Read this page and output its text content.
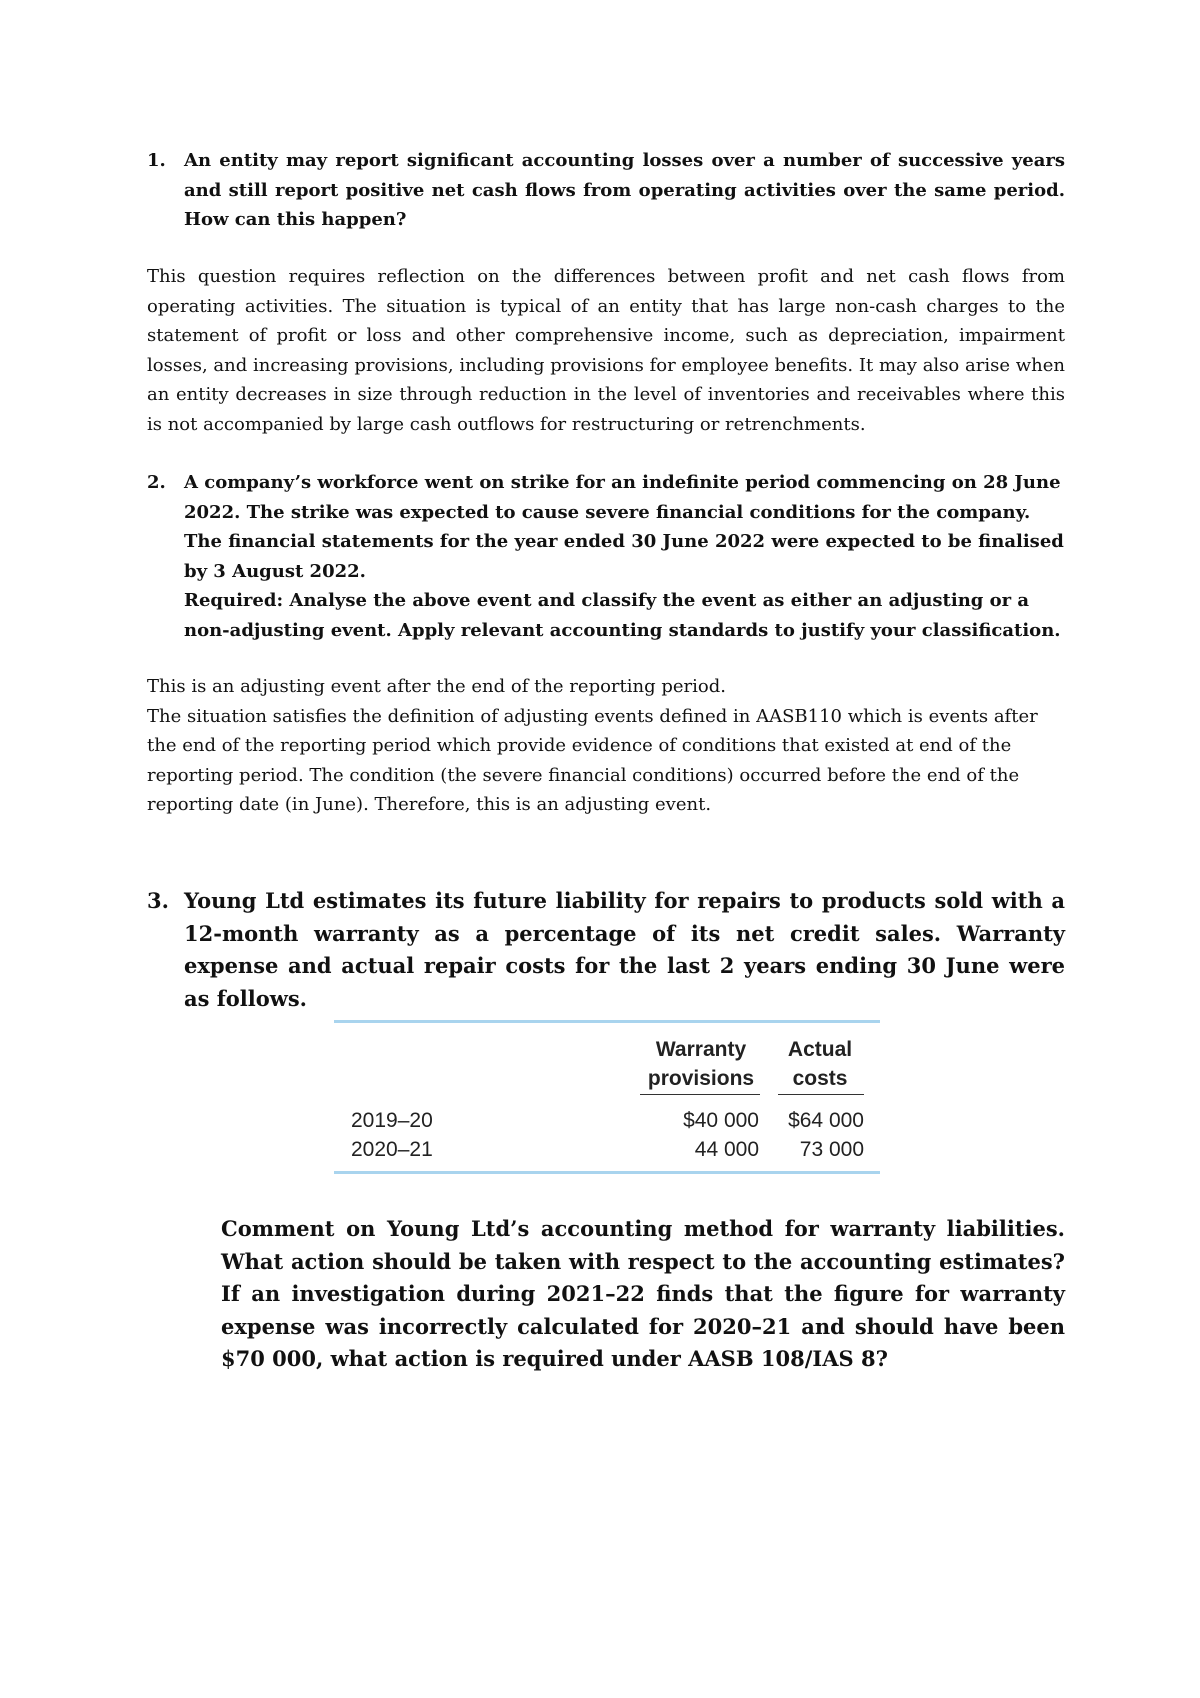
1. An entity may report significant accounting losses over a number of successive years and still report positive net cash flows from operating activities over the same period. How can this happen?

This question requires reflection on the differences between profit and net cash flows from operating activities. The situation is typical of an entity that has large non-cash charges to the statement of profit or loss and other comprehensive income, such as depreciation, impairment losses, and increasing provisions, including provisions for employee benefits. It may also arise when an entity decreases in size through reduction in the level of inventories and receivables where this is not accompanied by large cash outflows for restructuring or retrenchments.

2. A company’s workforce went on strike for an indefinite period commencing on 28 June 2022. The strike was expected to cause severe financial conditions for the company. The financial statements for the year ended 30 June 2022 were expected to be finalised by 3 August 2022.

Required: Analyse the above event and classify the event as either an adjusting or a non-adjusting event. Apply relevant accounting standards to justify your classification.

This is an adjusting event after the end of the reporting period.

The situation satisfies the definition of adjusting events defined in AASB110 which is events after the end of the reporting period which provide evidence of conditions that existed at end of the reporting period. The condition (the severe financial conditions) occurred before the end of the reporting date (in June). Therefore, this is an adjusting event.

3. Young Ltd estimates its future liability for repairs to products sold with a 12-month warranty as a percentage of its net credit sales. Warranty expense and actual repair costs for the last 2 years ending 30 June were as follows.
Warranty provisions
Actual costs
2019–20	$40 000	$64 000
2020–21	44 000	73 000
Comment on Young Ltd’s accounting method for warranty liabilities. What action should be taken with respect to the accounting estimates? If an investigation during 2021–22 finds that the figure for warranty expense was incorrectly calculated for 2020–21 and should have been $70 000, what action is required under AASB 108/IAS 8?
